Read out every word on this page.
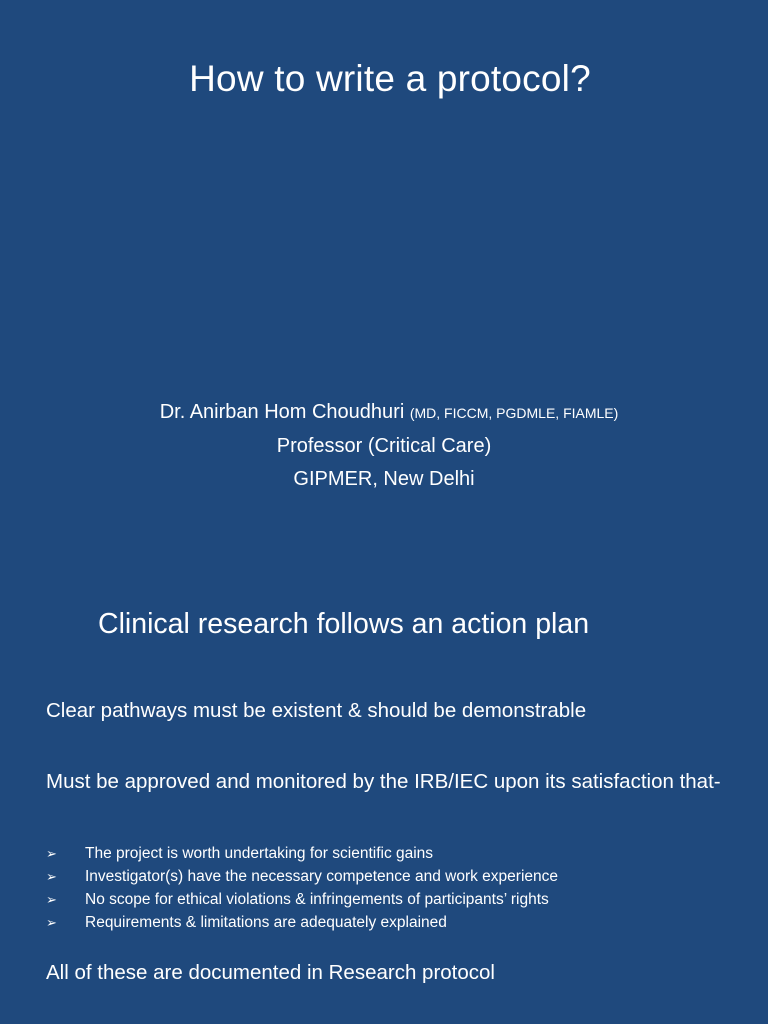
How to write a protocol?
Dr. Anirban Hom Choudhuri (MD, FICCM, PGDMLE, FIAMLE)
Professor (Critical Care)
GIPMER, New Delhi
Clinical research follows an action plan
Clear pathways must be existent & should be demonstrable
Must be approved and monitored by the IRB/IEC upon its satisfaction that-
➢	The project is worth undertaking for scientific gains
➢	Investigator(s) have the necessary competence and work experience
➢	No scope for ethical violations & infringements of participants’ rights
➢	Requirements & limitations are adequately explained
All of these are documented in Research protocol
